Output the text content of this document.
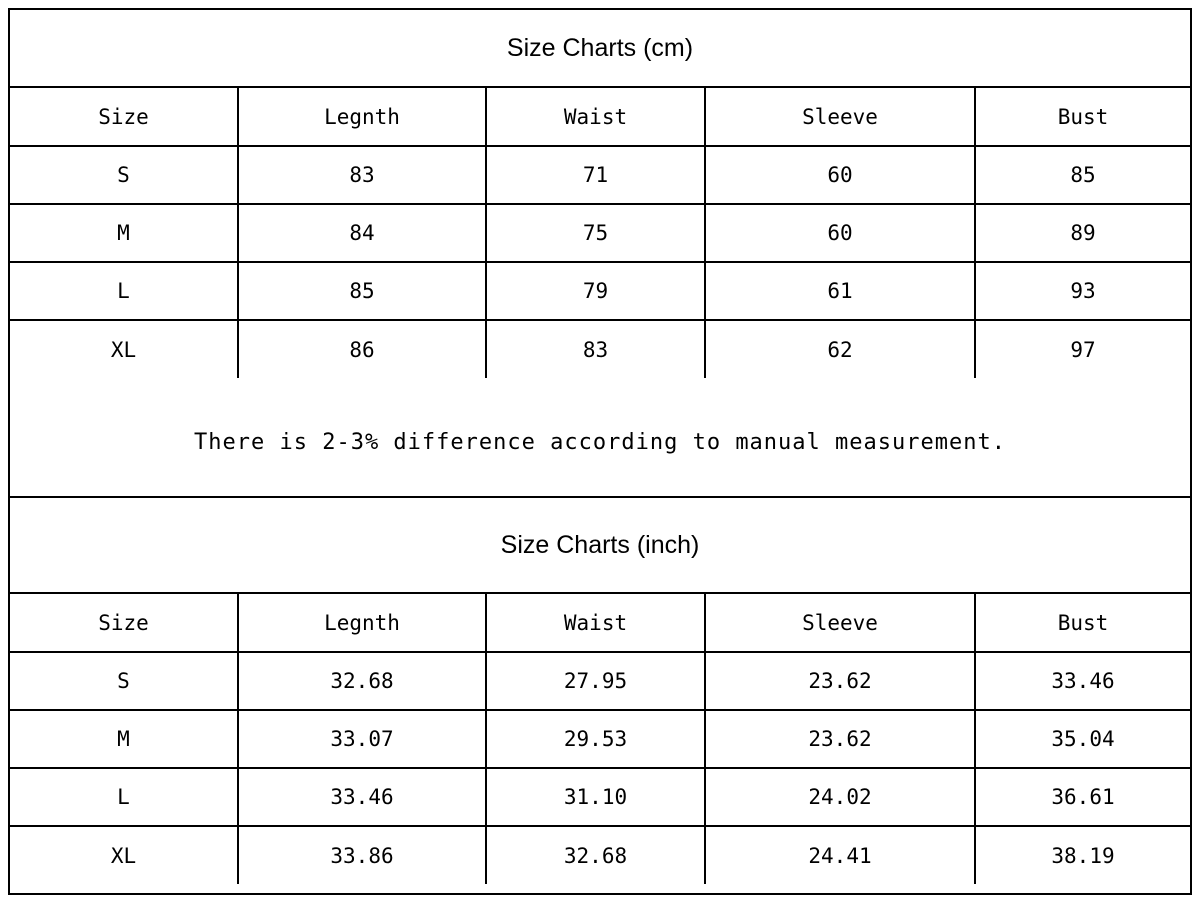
Size Charts (cm)
Size	Legnth	Waist	Sleeve	Bust
S	83	71	60	85
M	84	75	60	89
L	85	79	61	93
XL	86	83	62	97
There is 2-3% difference according to manual measurement.
Size Charts (inch)
Size	Legnth	Waist	Sleeve	Bust
S	32.68	27.95	23.62	33.46
M	33.07	29.53	23.62	35.04
L	33.46	31.10	24.02	36.61
XL	33.86	32.68	24.41	38.19
